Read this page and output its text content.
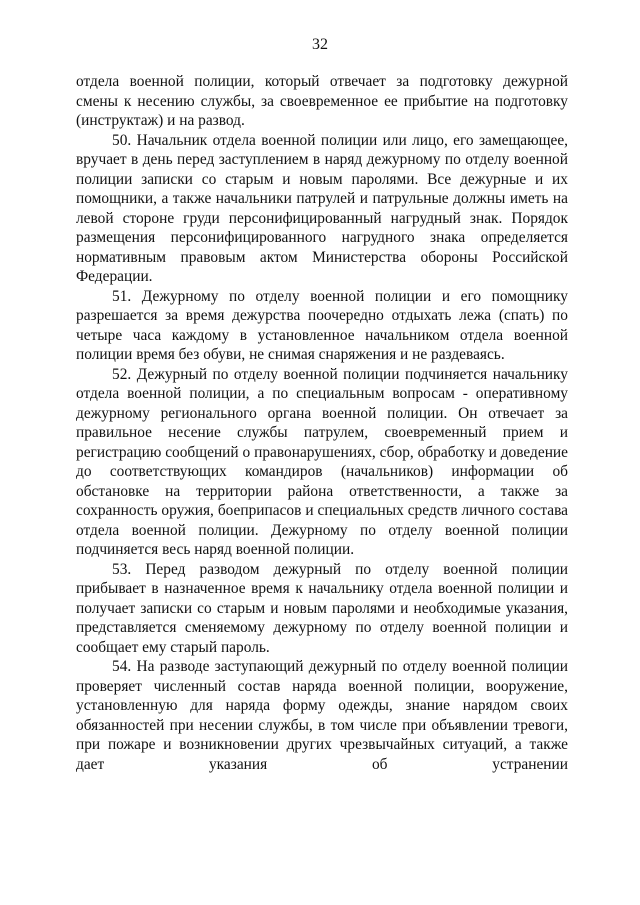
32

отдела военной полиции, который отвечает за подготовку дежурной смены к несению службы, за своевременное ее прибытие на подготовку (инструктаж) и на развод.

50. Начальник отдела военной полиции или лицо, его замещающее, вручает в день перед заступлением в наряд дежурному по отделу военной полиции записки со старым и новым паролями. Все дежурные и их помощники, а также начальники патрулей и патрульные должны иметь на левой стороне груди персонифицированный нагрудный знак. Порядок размещения персонифицированного нагрудного знака определяется нормативным правовым актом Министерства обороны Российской Федерации.

51. Дежурному по отделу военной полиции и его помощнику разрешается за время дежурства поочередно отдыхать лежа (спать) по четыре часа каждому в установленное начальником отдела военной полиции время без обуви, не снимая снаряжения и не раздеваясь.

52. Дежурный по отделу военной полиции подчиняется начальнику отдела военной полиции, а по специальным вопросам - оперативному дежурному регионального органа военной полиции. Он отвечает за правильное несение службы патрулем, своевременный прием и регистрацию сообщений о правонарушениях, сбор, обработку и доведение до соответствующих командиров (начальников) информации об обстановке на территории района ответственности, а также за сохранность оружия, боеприпасов и специальных средств личного состава отдела военной полиции. Дежурному по отделу военной полиции подчиняется весь наряд военной полиции.

53. Перед разводом дежурный по отделу военной полиции прибывает в назначенное время к начальнику отдела военной полиции и получает записки со старым и новым паролями и необходимые указания, представляется сменяемому дежурному по отделу военной полиции и сообщает ему старый пароль.

54. На разводе заступающий дежурный по отделу военной полиции проверяет численный состав наряда военной полиции, вооружение, установленную для наряда форму одежды, знание нарядом своих обязанностей при несении службы, в том числе при объявлении тревоги, при пожаре и возникновении других чрезвычайных ситуаций, а также дает указания об устранении
